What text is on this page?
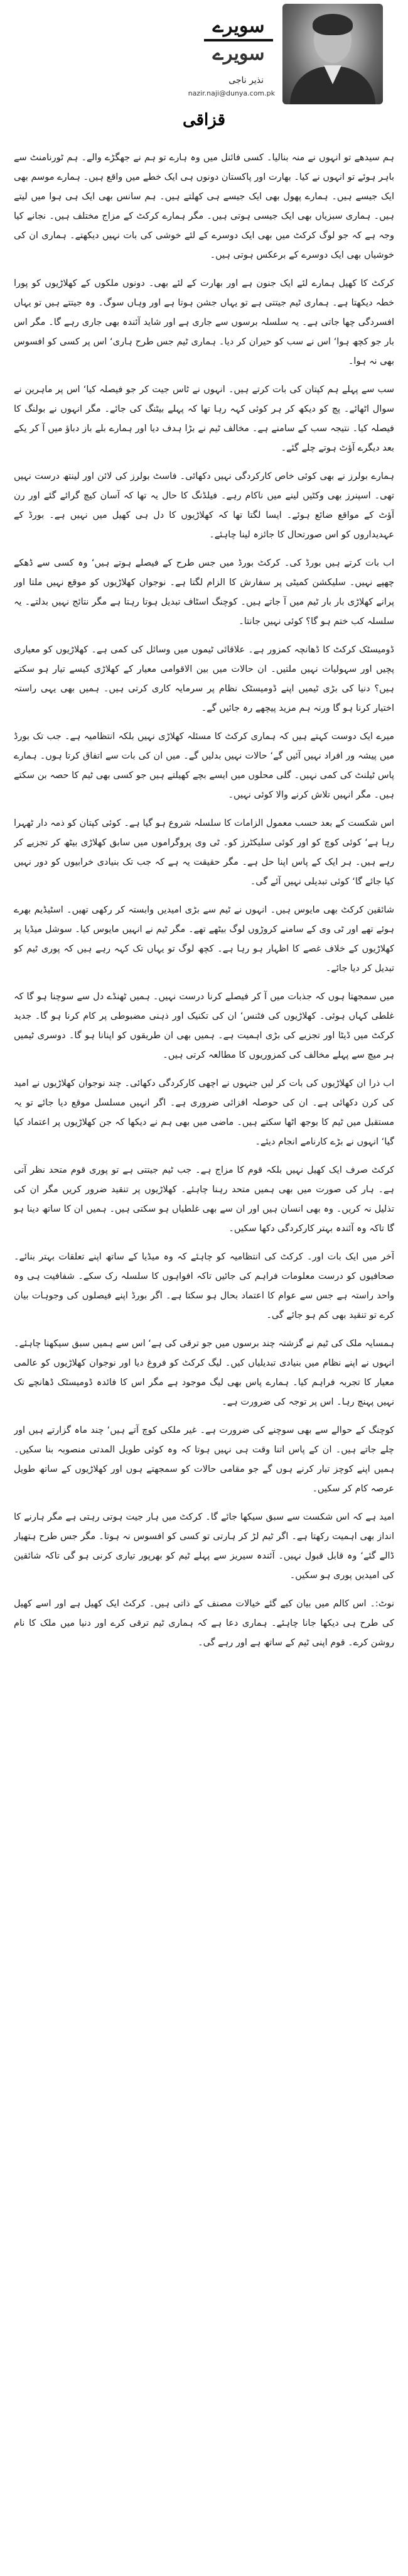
سویرے
سویرے
نذیر ناجی
nazir.naji@dunya.com.pk
قزاقی

ہم سیدھے تو انہوں نے منہ بنالیا۔ کسی فائنل میں وہ ہارے تو ہم نے جھگڑے والے۔ ہم ٹورنامنٹ سے باہر ہوئے تو انہوں نے کیا۔ بھارت اور پاکستان دونوں ہی ایک خطے میں واقع ہیں۔ ہمارے موسم بھی ایک جیسے ہیں۔ ہمارے پھول بھی ایک جیسے ہی کھلتے ہیں۔ ہم سانس بھی ایک ہی ہوا میں لیتے ہیں۔ ہماری سبزیاں بھی ایک جیسی ہوتی ہیں۔ مگر ہمارے کرکٹ کے مزاج مختلف ہیں۔ نجانے کیا وجہ ہے کہ جو لوگ کرکٹ میں بھی ایک دوسرے کے لئے خوشی کی بات نہیں دیکھتے۔ ہماری ان کی خوشیاں بھی ایک دوسرے کے برعکس ہوتی ہیں۔

کرکٹ کا کھیل ہمارے لئے ایک جنون ہے اور بھارت کے لئے بھی۔ دونوں ملکوں کے کھلاڑیوں کو پورا خطہ دیکھتا ہے۔ ہماری ٹیم جیتتی ہے تو یہاں جشن ہوتا ہے اور وہاں سوگ۔ وہ جیتتے ہیں تو یہاں افسردگی چھا جاتی ہے۔ یہ سلسلہ برسوں سے جاری ہے اور شاید آئندہ بھی جاری رہے گا۔ مگر اس بار جو کچھ ہوا‘ اس نے سب کو حیران کر دیا۔ ہماری ٹیم جس طرح ہاری‘ اس پر کسی کو افسوس بھی نہ ہوا۔

سب سے پہلے ہم کپتان کی بات کرتے ہیں۔ انہوں نے ٹاس جیت کر جو فیصلہ کیا‘ اس پر ماہرین نے سوال اٹھائے۔ پچ کو دیکھ کر ہر کوئی کہہ رہا تھا کہ پہلے بیٹنگ کی جائے۔ مگر انہوں نے بولنگ کا فیصلہ کیا۔ نتیجہ سب کے سامنے ہے۔ مخالف ٹیم نے بڑا ہدف دیا اور ہمارے بلے باز دباؤ میں آ کر یکے بعد دیگرے آؤٹ ہوتے چلے گئے۔

ہمارے بولرز نے بھی کوئی خاص کارکردگی نہیں دکھائی۔ فاسٹ بولرز کی لائن اور لینتھ درست نہیں تھی۔ اسپنرز بھی وکٹیں لینے میں ناکام رہے۔ فیلڈنگ کا حال یہ تھا کہ آسان کیچ گرائے گئے اور رن آؤٹ کے مواقع ضائع ہوئے۔ ایسا لگتا تھا کہ کھلاڑیوں کا دل ہی کھیل میں نہیں ہے۔ بورڈ کے عہدیداروں کو اس صورتحال کا جائزہ لینا چاہئے۔

اب بات کرتے ہیں بورڈ کی۔ کرکٹ بورڈ میں جس طرح کے فیصلے ہوتے ہیں‘ وہ کسی سے ڈھکے چھپے نہیں۔ سلیکشن کمیٹی پر سفارش کا الزام لگتا ہے۔ نوجوان کھلاڑیوں کو موقع نہیں ملتا اور پرانے کھلاڑی بار بار ٹیم میں آ جاتے ہیں۔ کوچنگ اسٹاف تبدیل ہوتا رہتا ہے مگر نتائج نہیں بدلتے۔ یہ سلسلہ کب ختم ہو گا؟ کوئی نہیں جانتا۔

ڈومیسٹک کرکٹ کا ڈھانچہ کمزور ہے۔ علاقائی ٹیموں میں وسائل کی کمی ہے۔ کھلاڑیوں کو معیاری پچیں اور سہولیات نہیں ملتیں۔ ان حالات میں بین الاقوامی معیار کے کھلاڑی کیسے تیار ہو سکتے ہیں؟ دنیا کی بڑی ٹیمیں اپنے ڈومیسٹک نظام پر سرمایہ کاری کرتی ہیں۔ ہمیں بھی یہی راستہ اختیار کرنا ہو گا ورنہ ہم مزید پیچھے رہ جائیں گے۔

میرے ایک دوست کہتے ہیں کہ ہماری کرکٹ کا مسئلہ کھلاڑی نہیں بلکہ انتظامیہ ہے۔ جب تک بورڈ میں پیشہ ور افراد نہیں آئیں گے‘ حالات نہیں بدلیں گے۔ میں ان کی بات سے اتفاق کرتا ہوں۔ ہمارے پاس ٹیلنٹ کی کمی نہیں۔ گلی محلوں میں ایسے بچے کھیلتے ہیں جو کسی بھی ٹیم کا حصہ بن سکتے ہیں۔ مگر انہیں تلاش کرنے والا کوئی نہیں۔

اس شکست کے بعد حسب معمول الزامات کا سلسلہ شروع ہو گیا ہے۔ کوئی کپتان کو ذمہ دار ٹھہرا رہا ہے‘ کوئی کوچ کو اور کوئی سلیکٹرز کو۔ ٹی وی پروگراموں میں سابق کھلاڑی بیٹھ کر تجزیے کر رہے ہیں۔ ہر ایک کے پاس اپنا حل ہے۔ مگر حقیقت یہ ہے کہ جب تک بنیادی خرابیوں کو دور نہیں کیا جائے گا‘ کوئی تبدیلی نہیں آئے گی۔

شائقین کرکٹ بھی مایوس ہیں۔ انہوں نے ٹیم سے بڑی امیدیں وابستہ کر رکھی تھیں۔ اسٹیڈیم بھرے ہوئے تھے اور ٹی وی کے سامنے کروڑوں لوگ بیٹھے تھے۔ مگر ٹیم نے انہیں مایوس کیا۔ سوشل میڈیا پر کھلاڑیوں کے خلاف غصے کا اظہار ہو رہا ہے۔ کچھ لوگ تو یہاں تک کہہ رہے ہیں کہ پوری ٹیم کو تبدیل کر دیا جائے۔

میں سمجھتا ہوں کہ جذبات میں آ کر فیصلے کرنا درست نہیں۔ ہمیں ٹھنڈے دل سے سوچنا ہو گا کہ غلطی کہاں ہوئی۔ کھلاڑیوں کی فٹنس‘ ان کی تکنیک اور ذہنی مضبوطی پر کام کرنا ہو گا۔ جدید کرکٹ میں ڈیٹا اور تجزیے کی بڑی اہمیت ہے۔ ہمیں بھی ان طریقوں کو اپنانا ہو گا۔ دوسری ٹیمیں ہر میچ سے پہلے مخالف کی کمزوریوں کا مطالعہ کرتی ہیں۔

اب ذرا ان کھلاڑیوں کی بات کر لیں جنہوں نے اچھی کارکردگی دکھائی۔ چند نوجوان کھلاڑیوں نے امید کی کرن دکھائی ہے۔ ان کی حوصلہ افزائی ضروری ہے۔ اگر انہیں مسلسل موقع دیا جائے تو یہ مستقبل میں ٹیم کا بوجھ اٹھا سکتے ہیں۔ ماضی میں بھی ہم نے دیکھا کہ جن کھلاڑیوں پر اعتماد کیا گیا‘ انہوں نے بڑے کارنامے انجام دیئے۔

کرکٹ صرف ایک کھیل نہیں بلکہ قوم کا مزاج ہے۔ جب ٹیم جیتتی ہے تو پوری قوم متحد نظر آتی ہے۔ ہار کی صورت میں بھی ہمیں متحد رہنا چاہئے۔ کھلاڑیوں پر تنقید ضرور کریں مگر ان کی تذلیل نہ کریں۔ وہ بھی انسان ہیں اور ان سے بھی غلطیاں ہو سکتی ہیں۔ ہمیں ان کا ساتھ دینا ہو گا تاکہ وہ آئندہ بہتر کارکردگی دکھا سکیں۔

آخر میں ایک بات اور۔ کرکٹ کی انتظامیہ کو چاہئے کہ وہ میڈیا کے ساتھ اپنے تعلقات بہتر بنائے۔ صحافیوں کو درست معلومات فراہم کی جائیں تاکہ افواہوں کا سلسلہ رک سکے۔ شفافیت ہی وہ واحد راستہ ہے جس سے عوام کا اعتماد بحال ہو سکتا ہے۔ اگر بورڈ اپنے فیصلوں کی وجوہات بیان کرے تو تنقید بھی کم ہو جائے گی۔

ہمسایہ ملک کی ٹیم نے گزشتہ چند برسوں میں جو ترقی کی ہے‘ اس سے ہمیں سبق سیکھنا چاہئے۔ انہوں نے اپنے نظام میں بنیادی تبدیلیاں کیں۔ لیگ کرکٹ کو فروغ دیا اور نوجوان کھلاڑیوں کو عالمی معیار کا تجربہ فراہم کیا۔ ہمارے پاس بھی لیگ موجود ہے مگر اس کا فائدہ ڈومیسٹک ڈھانچے تک نہیں پہنچ رہا۔ اس پر توجہ کی ضرورت ہے۔

کوچنگ کے حوالے سے بھی سوچنے کی ضرورت ہے۔ غیر ملکی کوچ آتے ہیں‘ چند ماہ گزارتے ہیں اور چلے جاتے ہیں۔ ان کے پاس اتنا وقت ہی نہیں ہوتا کہ وہ کوئی طویل المدتی منصوبہ بنا سکیں۔ ہمیں اپنے کوچز تیار کرنے ہوں گے جو مقامی حالات کو سمجھتے ہوں اور کھلاڑیوں کے ساتھ طویل عرصہ کام کر سکیں۔

امید ہے کہ اس شکست سے سبق سیکھا جائے گا۔ کرکٹ میں ہار جیت ہوتی رہتی ہے مگر ہارنے کا انداز بھی اہمیت رکھتا ہے۔ اگر ٹیم لڑ کر ہارتی تو کسی کو افسوس نہ ہوتا۔ مگر جس طرح ہتھیار ڈالے گئے‘ وہ قابل قبول نہیں۔ آئندہ سیریز سے پہلے ٹیم کو بھرپور تیاری کرنی ہو گی تاکہ شائقین کی امیدیں پوری ہو سکیں۔

نوٹ:۔ اس کالم میں بیان کیے گئے خیالات مصنف کے ذاتی ہیں۔ کرکٹ ایک کھیل ہے اور اسے کھیل کی طرح ہی دیکھا جانا چاہئے۔ ہماری دعا ہے کہ ہماری ٹیم ترقی کرے اور دنیا میں ملک کا نام روشن کرے۔ قوم اپنی ٹیم کے ساتھ ہے اور رہے گی۔
